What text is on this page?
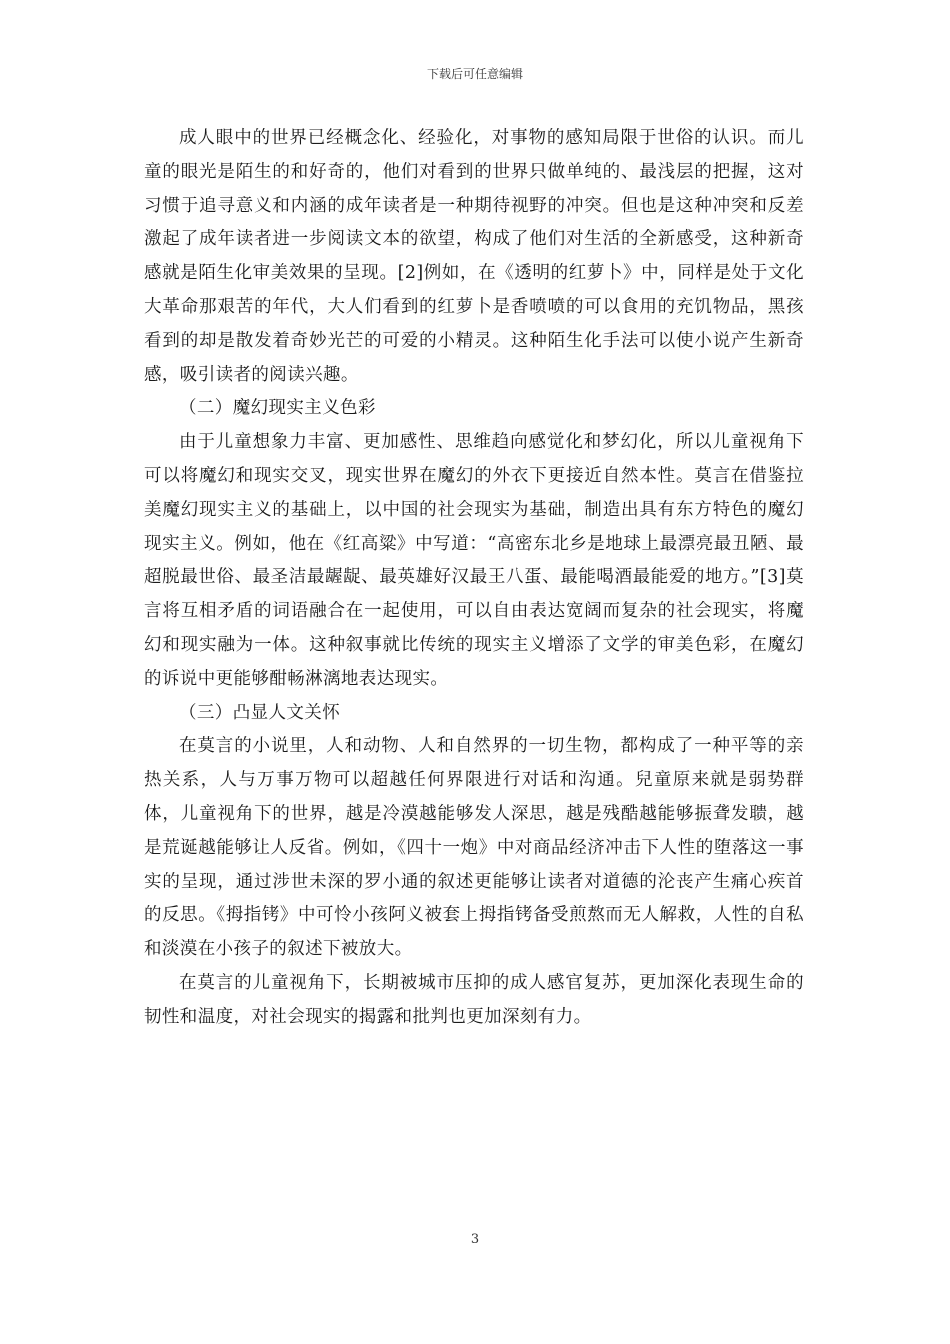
下载后可任意编辑

成人眼中的世界已经概念化、经验化，对事物的感知局限于世俗的认识。而儿童的眼光是陌生的和好奇的，他们对看到的世界只做单纯的、最浅层的把握，这对习惯于追寻意义和内涵的成年读者是一种期待视野的冲突。但也是这种冲突和反差激起了成年读者进一步阅读文本的欲望，构成了他们对生活的全新感受，这种新奇感就是陌生化审美效果的呈现。[2]例如，在《透明的红萝卜》中，同样是处于文化大革命那艰苦的年代，大人们看到的红萝卜是香喷喷的可以食用的充饥物品，黑孩看到的却是散发着奇妙光芒的可爱的小精灵。这种陌生化手法可以使小说产生新奇感，吸引读者的阅读兴趣。

（二）魔幻现实主义色彩

由于儿童想象力丰富、更加感性、思维趋向感觉化和梦幻化，所以儿童视角下可以将魔幻和现实交叉，现实世界在魔幻的外衣下更接近自然本性。莫言在借鉴拉美魔幻现实主义的基础上，以中国的社会现实为基础，制造出具有东方特色的魔幻现实主义。例如，他在《红高粱》中写道：“高密东北乡是地球上最漂亮最丑陋、最超脱最世俗、最圣洁最龌龊、最英雄好汉最王八蛋、最能喝酒最能爱的地方。”[3]莫言将互相矛盾的词语融合在一起使用，可以自由表达宽阔而复杂的社会现实，将魔幻和现实融为一体。这种叙事就比传统的现实主义增添了文学的审美色彩，在魔幻的诉说中更能够酣畅淋漓地表达现实。

（三）凸显人文关怀

在莫言的小说里，人和动物、人和自然界的一切生物，都构成了一种平等的亲热关系，人与万事万物可以超越任何界限进行对话和沟通。兒童原来就是弱势群体，儿童视角下的世界，越是冷漠越能够发人深思，越是残酷越能够振聋发聩，越是荒诞越能够让人反省。例如，《四十一炮》中对商品经济冲击下人性的堕落这一事实的呈现，通过涉世未深的罗小通的叙述更能够让读者对道德的沦丧产生痛心疾首的反思。《拇指铐》中可怜小孩阿义被套上拇指铐备受煎熬而无人解救，人性的自私和淡漠在小孩子的叙述下被放大。

在莫言的儿童视角下，长期被城市压抑的成人感官复苏，更加深化表现生命的韧性和温度，对社会现实的揭露和批判也更加深刻有力。

3
